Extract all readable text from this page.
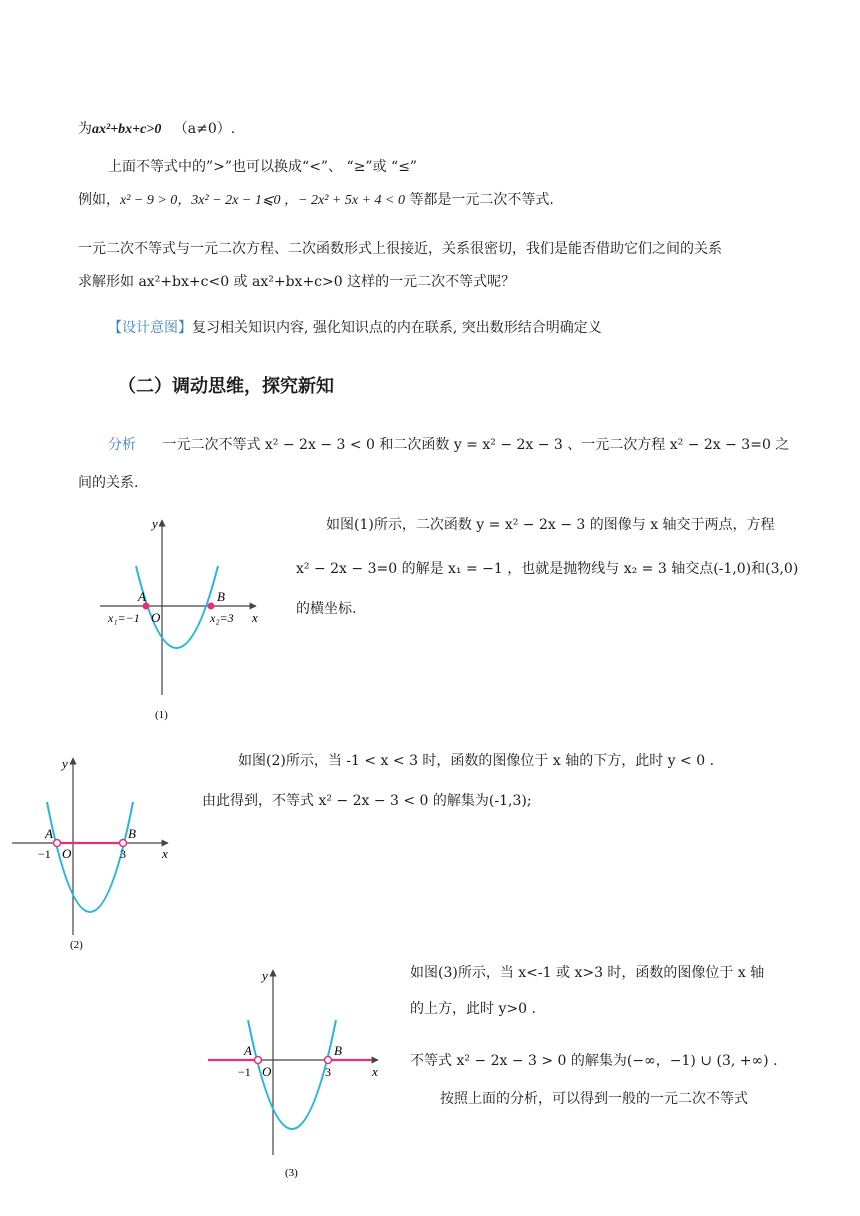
为ax²+bx+c>0 （a≠0）.
上面不等式中的”>”也可以换成“<”、 “≥”或 “≤”
例如，x² − 9 > 0，3x² − 2x − 1⩽0 ，− 2x² + 5x + 4 < 0 等都是一元二次不等式.
一元二次不等式与一元二次方程、二次函数形式上很接近，关系很密切，我们是能否借助它们之间的关系
求解形如 ax²+bx+c<0 或 ax²+bx+c>0 这样的一元二次不等式呢？
【设计意图】复习相关知识内容, 强化知识点的内在联系, 突出数形结合明确定义
（二）调动思维，探究新知
分析 一元二次不等式 x² − 2x − 3 < 0 和二次函数 y = x² − 2x − 3 、一元二次方程 x² − 2x − 3=0 之
间的关系.
如图(1)所示，二次函数 y = x² − 2x − 3 的图像与 x 轴交于两点，方程
x² − 2x − 3=0 的解是 x₁ = −1 ，也就是抛物线与 x₂ = 3 轴交点(-1,0)和(3,0)
的横坐标.
y
x
A	B
O
x₁=−1	x₂=3
(1)
如图(2)所示，当 -1 < x < 3 时，函数的图像位于 x 轴的下方，此时 y < 0 .
由此得到，不等式 x² − 2x − 3 < 0 的解集为(-1,3);
y
x
A	B
O
−1	3
(2)
如图(3)所示，当 x<-1 或 x>3 时，函数的图像位于 x 轴
的上方，此时 y>0 .
不等式 x² − 2x − 3 > 0 的解集为(−∞，−1) ∪ (3, +∞) .
按照上面的分析，可以得到一般的一元二次不等式
y
x
A	B
O
−1	3
(3)
